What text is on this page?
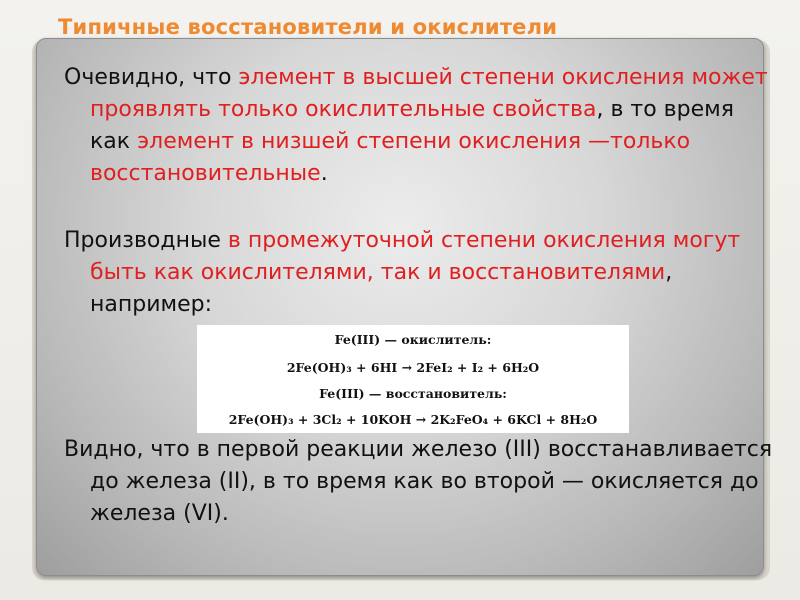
Типичные восстановители и окислители
Очевидно, что элемент в высшей степени окисления может проявлять только окислительные свойства, в то время как элемент в низшей степени окисления —только восстановительные.
Производные в промежуточной степени окисления могут быть как окислителями, так и восстановителями, например:
Fe(III) — окислитель:
2Fe(OH)₃ + 6HI → 2FeI₂ + I₂ + 6H₂O
Fe(III) — восстановитель:
2Fe(OH)₃ + 3Cl₂ + 10KOH → 2K₂FeO₄ + 6KCl + 8H₂O
Видно, что в первой реакции железо (III) восстанавливается до железа (II), в то время как во второй — окисляется до железа (VI).
